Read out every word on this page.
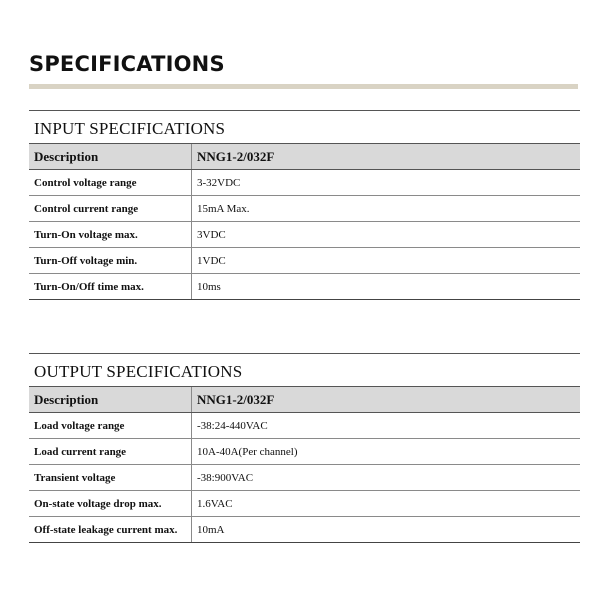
SPECIFICATIONS
INPUT SPECIFICATIONS
Description	NNG1-2/032F
Control voltage range	3-32VDC
Control current range	15mA Max.
Turn-On voltage max.	3VDC
Turn-Off voltage min.	1VDC
Turn-On/Off time max.	10ms
OUTPUT SPECIFICATIONS
Description	NNG1-2/032F
Load voltage range	-38:24-440VAC
Load current range	10A-40A(Per channel)
Transient voltage	-38:900VAC
On-state voltage drop max.	1.6VAC
Off-state leakage current max.	10mA
